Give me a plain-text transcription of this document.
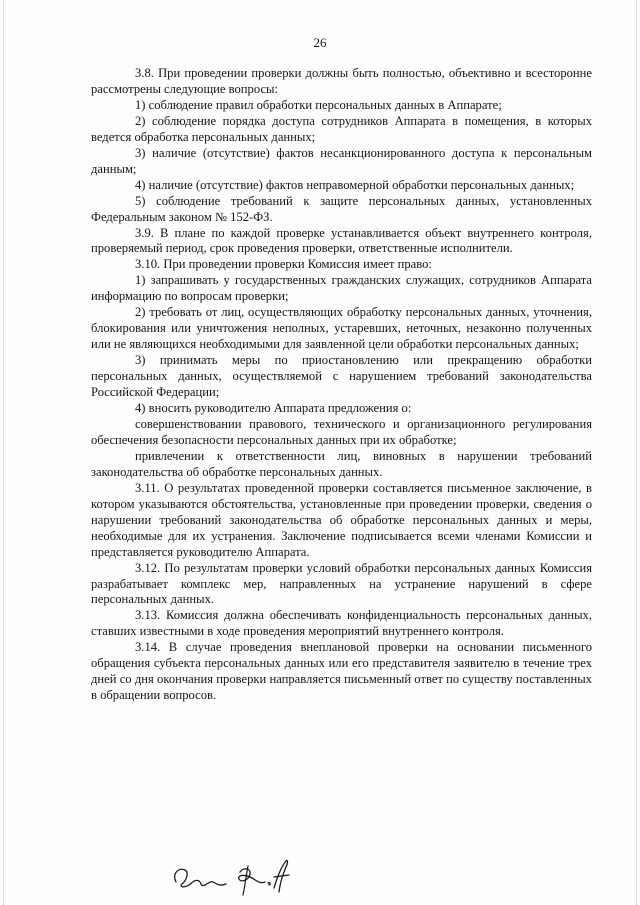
26

3.8. При проведении проверки должны быть полностью, объективно и всесторонне рассмотрены следующие вопросы:

1) соблюдение правил обработки персональных данных в Аппарате;

2) соблюдение порядка доступа сотрудников Аппарата в помещения, в которых ведется обработка персональных данных;

3) наличие (отсутствие) фактов несанкционированного доступа к персональным данным;

4) наличие (отсутствие) фактов неправомерной обработки персональных данных;

5) соблюдение требований к защите персональных данных, установленных Федеральным законом № 152-ФЗ.

3.9. В плане по каждой проверке устанавливается объект внутреннего контроля, проверяемый период, срок проведения проверки, ответственные исполнители.

3.10. При проведении проверки Комиссия имеет право:

1) запрашивать у государственных гражданских служащих, сотрудников Аппарата информацию по вопросам проверки;

2) требовать от лиц, осуществляющих обработку персональных данных, уточнения, блокирования или уничтожения неполных, устаревших, неточных, незаконно полученных или не являющихся необходимыми для заявленной цели обработки персональных данных;

3) принимать меры по приостановлению или прекращению обработки персональных данных, осуществляемой с нарушением требований законодательства Российской Федерации;

4) вносить руководителю Аппарата предложения о:

совершенствовании правового, технического и организационного регулирования обеспечения безопасности персональных данных при их обработке;

привлечении к ответственности лиц, виновных в нарушении требований законодательства об обработке персональных данных.

3.11. О результатах проведенной проверки составляется письменное заключение, в котором указываются обстоятельства, установленные при проведении проверки, сведения о нарушении требований законодательства об обработке персональных данных и меры, необходимые для их устранения. Заключение подписывается всеми членами Комиссии и представляется руководителю Аппарата.

3.12. По результатам проверки условий обработки персональных данных Комиссия разрабатывает комплекс мер, направленных на устранение нарушений в сфере персональных данных.

3.13. Комиссия должна обеспечивать конфиденциальность персональных данных, ставших известными в ходе проведения мероприятий внутреннего контроля.

3.14. В случае проведения внеплановой проверки на основании письменного обращения субъекта персональных данных или его представителя заявителю в течение трех дней со дня окончания проверки направляется письменный ответ по существу поставленных в обращении вопросов.
